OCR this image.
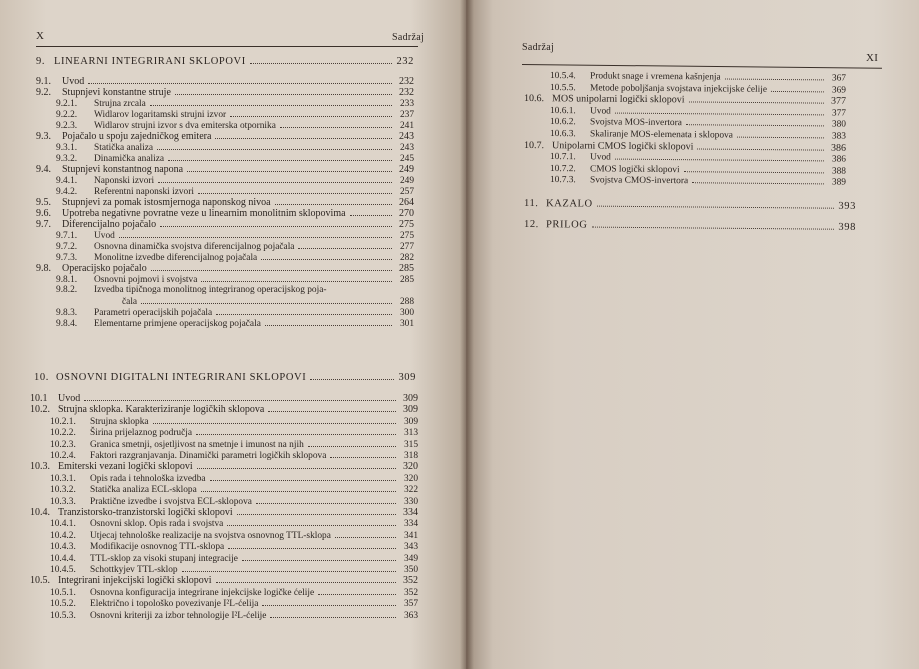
X	Sadržaj
9. LINEARNI INTEGRIRANI SKLOPOVI	232
9.1.	Uvod	232
9.2.	Stupnjevi konstantne struje	232
9.2.1.	Strujna zrcala	233
9.2.2.	Widlarov logaritamski strujni izvor	237
9.2.3.	Widlarov strujni izvor s dva emiterska otpornika	241
9.3.	Pojačalo u spoju zajedničkog emitera	243
9.3.1.	Statička analiza	243
9.3.2.	Dinamička analiza	245
9.4.	Stupnjevi konstantnog napona	249
9.4.1.	Naponski izvori	249
9.4.2.	Referentni naponski izvori	257
9.5.	Stupnjevi za pomak istosmjernoga naponskog nivoa	264
9.6.	Upotreba negativne povratne veze u linearnim monolitnim sklopovima	270
9.7.	Diferencijalno pojačalo	275
9.7.1.	Uvod	275
9.7.2.	Osnovna dinamička svojstva diferencijalnog pojačala	277
9.7.3.	Monolitne izvedbe diferencijalnog pojačala	282
9.8.	Operacijsko pojačalo	285
9.8.1.	Osnovni pojmovi i svojstva	285
9.8.2.	Izvedba tipičnoga monolitnog integriranog operacijskog poja-
čala	288
9.8.3.	Parametri operacijskih pojačala	300
9.8.4.	Elementarne primjene operacijskog pojačala	301
10. OSNOVNI DIGITALNI INTEGRIRANI SKLOPOVI	309
10.1	Uvod	309
10.2. Strujna sklopka. Karakteriziranje logičkih sklopova	309
10.2.1.	Strujna sklopka	309
10.2.2.	Širina prijelaznog područja	313
10.2.3.	Granica smetnji, osjetljivost na smetnje i imunost na njih	315
10.2.4.	Faktori razgranjavanja. Dinamički parametri logičkih sklopova	318
10.3. Emiterski vezani logički sklopovi	320
10.3.1.	Opis rada i tehnološka izvedba	320
10.3.2.	Statička analiza ECL-sklopa	322
10.3.3.	Praktične izvedbe i svojstva ECL-sklopova	330
10.4. Tranzistorsko-tranzistorski logički sklopovi	334
10.4.1.	Osnovni sklop. Opis rada i svojstva	334
10.4.2.	Utjecaj tehnološke realizacije na svojstva osnovnog TTL-sklopa	341
10.4.3.	Modifikacije osnovnog TTL-sklopa	343
10.4.4.	TTL-sklop za visoki stupanj integracije	349
10.4.5.	Schottkyjev TTL-sklop	350
10.5. Integrirani injekcijski logički sklopovi	352
10.5.1.	Osnovna konfiguracija integrirane injekcijske logičke ćelije	352
10.5.2.	Električno i topološko povezivanje I²L-ćelija	357
10.5.3.	Osnovni kriteriji za izbor tehnologije I²L-ćelije	363
Sadržaj
XI
10.5.4.	Produkt snage i vremena kašnjenja	367
10.5.5.	Metode poboljšanja svojstava injekcijske ćelije	369
10.6. MOS unipolarni logički sklopovi	377
10.6.1.	Uvod	377
10.6.2.	Svojstva MOS-invertora	380
10.6.3.	Skaliranje MOS-elemenata i sklopova	383
10.7. Unipolarni CMOS logički sklopovi	386
10.7.1.	Uvod	386
10.7.2.	CMOS logički sklopovi	388
10.7.3.	Svojstva CMOS-invertora	389
11. KAZALO	393
12. PRILOG	398
